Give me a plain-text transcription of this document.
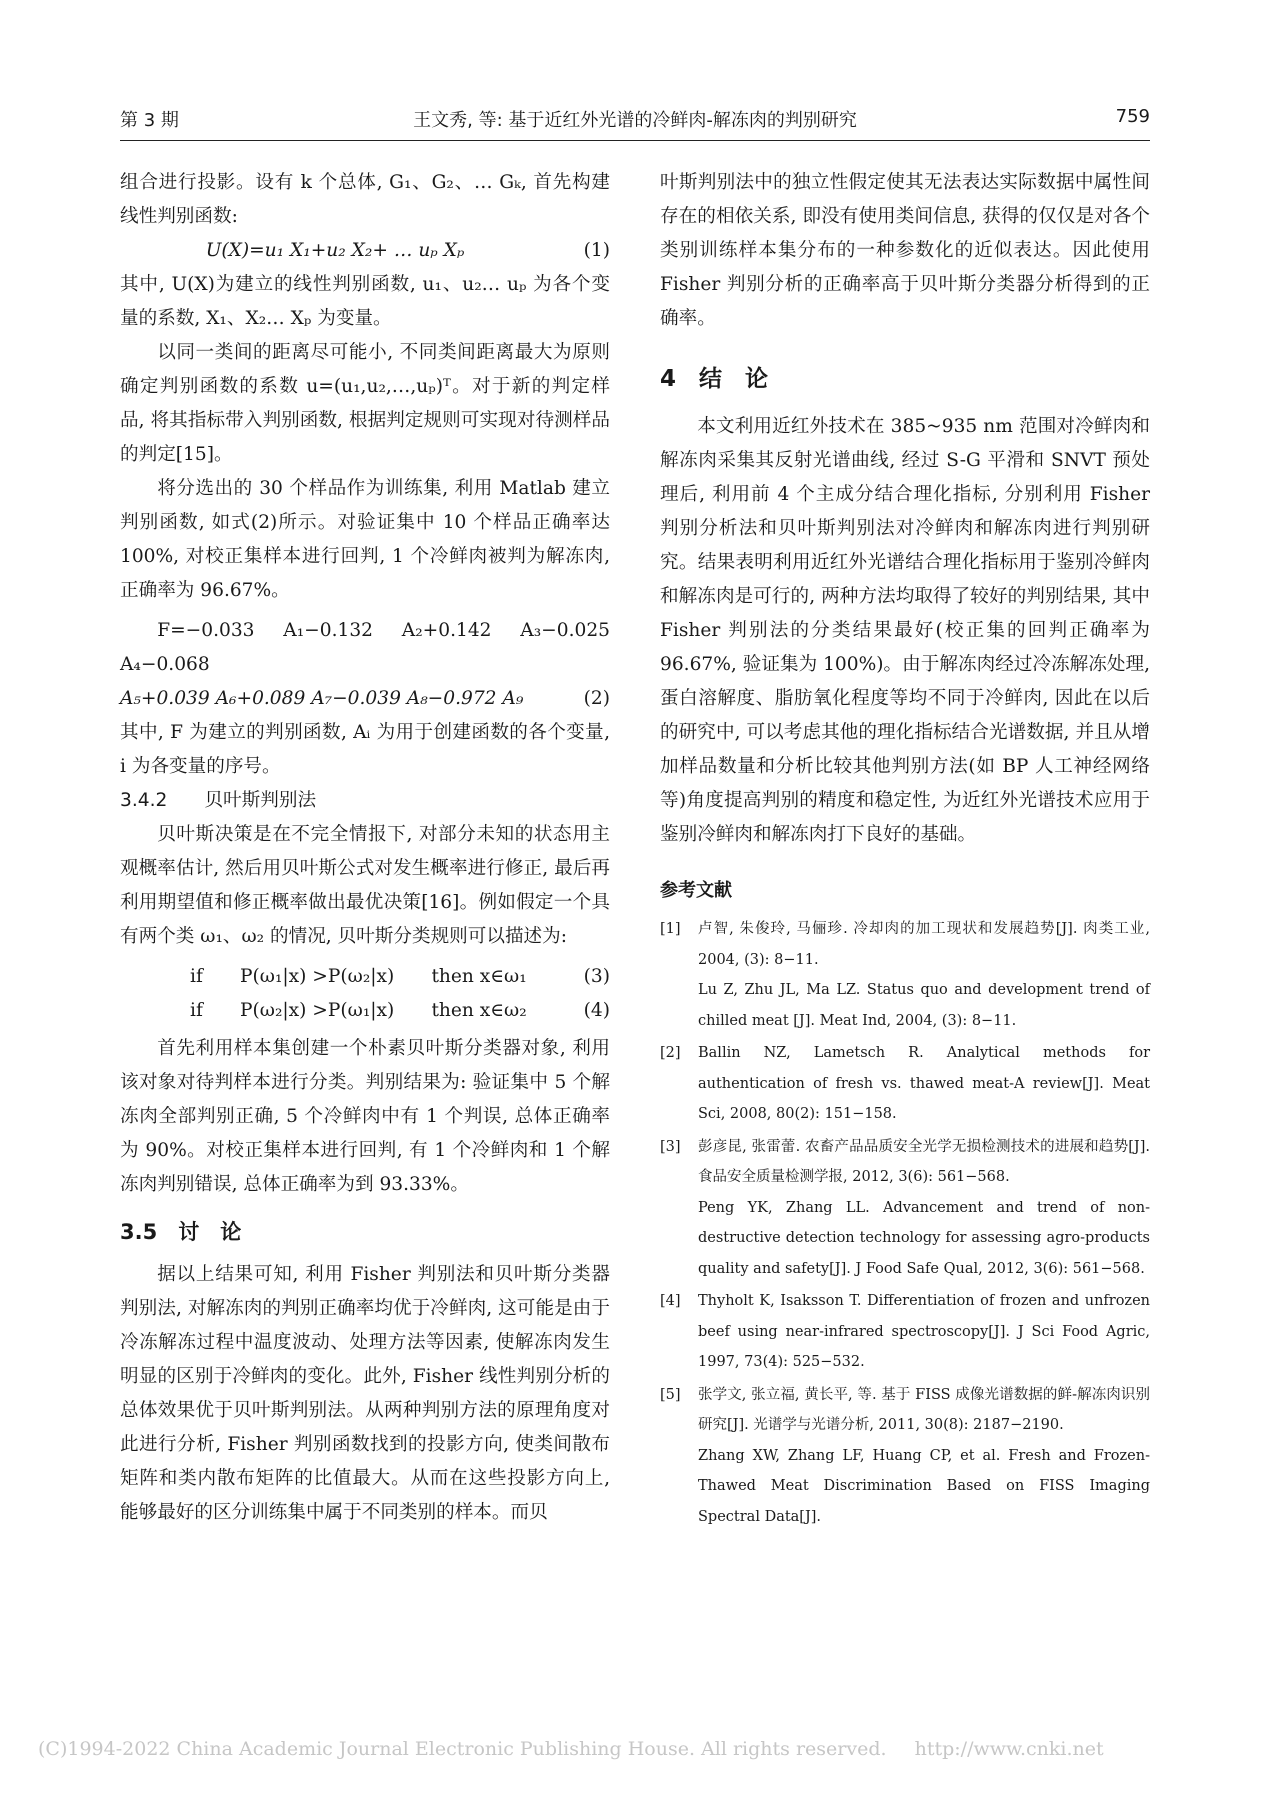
第 3 期	王文秀, 等: 基于近红外光谱的冷鲜肉-解冻肉的判别研究	759

组合进行投影。设有 k 个总体, G₁、G₂、… Gₖ, 首先构建线性判别函数:

U(X)=u₁ X₁+u₂ X₂+ … uₚ Xₚ	(1)

其中, U(X)为建立的线性判别函数, u₁、u₂… uₚ 为各个变量的系数, X₁、X₂… Xₚ 为变量。

以同一类间的距离尽可能小, 不同类间距离最大为原则确定判别函数的系数 u=(u₁,u₂,…,uₚ)ᵀ。对于新的判定样品, 将其指标带入判别函数, 根据判定规则可实现对待测样品的判定[15]。

将分选出的 30 个样品作为训练集, 利用 Matlab 建立判别函数, 如式(2)所示。对验证集中 10 个样品正确率达 100%, 对校正集样本进行回判, 1 个冷鲜肉被判为解冻肉, 正确率为 96.67%。

F=−0.033 A₁−0.132 A₂+0.142 A₃−0.025 A₄−0.068
A₅+0.039 A₆+0.089 A₇−0.039 A₈−0.972 A₉	(2)

其中, F 为建立的判别函数, Aᵢ 为用于创建函数的各个变量, i 为各变量的序号。

3.4.2　　贝叶斯判别法

贝叶斯决策是在不完全情报下, 对部分未知的状态用主观概率估计, 然后用贝叶斯公式对发生概率进行修正, 最后再利用期望值和修正概率做出最优决策[16]。例如假定一个具有两个类 ω₁、ω₂ 的情况, 贝叶斯分类规则可以描述为:

if　　P(ω₁|x) >P(ω₂|x)　　then x∈ω₁	(3)
if　　P(ω₂|x) >P(ω₁|x)　　then x∈ω₂	(4)

首先利用样本集创建一个朴素贝叶斯分类器对象, 利用该对象对待判样本进行分类。判别结果为: 验证集中 5 个解冻肉全部判别正确, 5 个冷鲜肉中有 1 个判误, 总体正确率为 90%。对校正集样本进行回判, 有 1 个冷鲜肉和 1 个解冻肉判别错误, 总体正确率为到 93.33%。

3.5　讨　论

据以上结果可知, 利用 Fisher 判别法和贝叶斯分类器判别法, 对解冻肉的判别正确率均优于冷鲜肉, 这可能是由于冷冻解冻过程中温度波动、处理方法等因素, 使解冻肉发生明显的区别于冷鲜肉的变化。此外, Fisher 线性判别分析的总体效果优于贝叶斯判别法。从两种判别方法的原理角度对此进行分析, Fisher 判别函数找到的投影方向, 使类间散布矩阵和类内散布矩阵的比值最大。从而在这些投影方向上, 能够最好的区分训练集中属于不同类别的样本。而贝

叶斯判别法中的独立性假定使其无法表达实际数据中属性间存在的相依关系, 即没有使用类间信息, 获得的仅仅是对各个类别训练样本集分布的一种参数化的近似表达。因此使用 Fisher 判别分析的正确率高于贝叶斯分类器分析得到的正确率。

4　结　论

本文利用近红外技术在 385~935 nm 范围对冷鲜肉和解冻肉采集其反射光谱曲线, 经过 S-G 平滑和 SNVT 预处理后, 利用前 4 个主成分结合理化指标, 分别利用 Fisher 判别分析法和贝叶斯判别法对冷鲜肉和解冻肉进行判别研究。结果表明利用近红外光谱结合理化指标用于鉴别冷鲜肉和解冻肉是可行的, 两种方法均取得了较好的判别结果, 其中 Fisher 判别法的分类结果最好(校正集的回判正确率为 96.67%, 验证集为 100%)。由于解冻肉经过冷冻解冻处理, 蛋白溶解度、脂肪氧化程度等均不同于冷鲜肉, 因此在以后的研究中, 可以考虑其他的理化指标结合光谱数据, 并且从增加样品数量和分析比较其他判别方法(如 BP 人工神经网络等)角度提高判别的精度和稳定性, 为近红外光谱技术应用于鉴别冷鲜肉和解冻肉打下良好的基础。

参考文献
[1]	卢智, 朱俊玲, 马俪珍. 冷却肉的加工现状和发展趋势[J]. 肉类工业, 2004, (3): 8−11.
Lu Z, Zhu JL, Ma LZ. Status quo and development trend of chilled meat [J]. Meat Ind, 2004, (3): 8−11.
[2]	Ballin NZ, Lametsch R. Analytical methods for authentication of fresh vs. thawed meat-A review[J]. Meat Sci, 2008, 80(2): 151−158.
[3]	彭彦昆, 张雷蕾. 农畜产品品质安全光学无损检测技术的进展和趋势[J]. 食品安全质量检测学报, 2012, 3(6): 561−568.
Peng YK, Zhang LL. Advancement and trend of non-destructive detection technology for assessing agro-products quality and safety[J]. J Food Safe Qual, 2012, 3(6): 561−568.
[4]	Thyholt K, Isaksson T. Differentiation of frozen and unfrozen beef using near-infrared spectroscopy[J]. J Sci Food Agric, 1997, 73(4): 525−532.
[5]	张学文, 张立福, 黄长平, 等. 基于 FISS 成像光谱数据的鲜-解冻肉识别研究[J]. 光谱学与光谱分析, 2011, 30(8): 2187−2190.
Zhang XW, Zhang LF, Huang CP, et al. Fresh and Frozen-Thawed Meat Discrimination Based on FISS Imaging Spectral Data[J].
(C)1994-2022 China Academic Journal Electronic Publishing House. All rights reserved. http://www.cnki.net
